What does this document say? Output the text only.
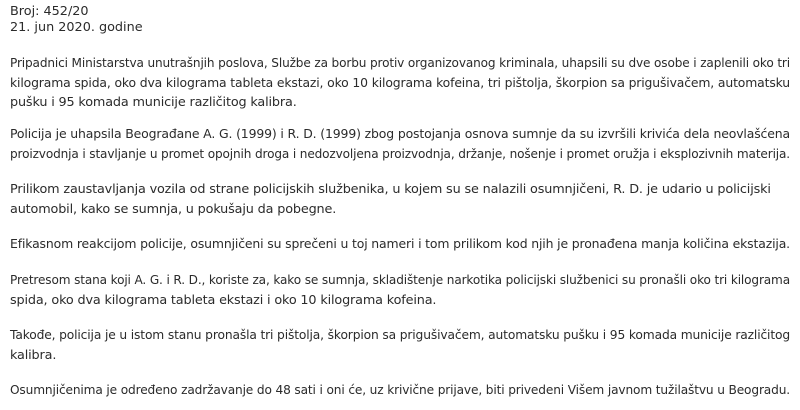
Broj: 452/20

21. jun 2020. godine

Pripadnici Ministarstva unutrašnjih poslova, Službe za borbu protiv organizovanog kriminala, uhapsili su dve osobe i zaplenili oko tri
kilograma spida, oko dva kilograma tableta ekstazi, oko 10 kilograma kofeina, tri pištolja, škorpion sa prigušivačem, automatsku
pušku i 95 komada municije različitog kalibra.

Policija je uhapsila Beograđane A. G. (1999) i R. D. (1999) zbog postojanja osnova sumnje da su izvršili krivića dela neovlašćena
proizvodnja i stavljanje u promet opojnih droga i nedozvoljena proizvodnja, držanje, nošenje i promet oružja i eksplozivnih materija.

Prilikom zaustavljanja vozila od strane policijskih službenika, u kojem su se nalazili osumnjičeni, R. D. je udario u policijski
automobil, kako se sumnja, u pokušaju da pobegne.

Efikasnom reakcijom policije, osumnjičeni su sprečeni u toj nameri i tom prilikom kod njih je pronađena manja količina ekstazija.

Pretresom stana koji A. G. i R. D., koriste za, kako se sumnja, skladištenje narkotika policijski službenici su pronašli oko tri kilograma
spida, oko dva kilograma tableta ekstazi i oko 10 kilograma kofeina.

Takođe, policija je u istom stanu pronašla tri pištolja, škorpion sa prigušivačem, automatsku pušku i 95 komada municije različitog
kalibra.

Osumnjičenima je određeno zadržavanje do 48 sati i oni će, uz krivične prijave, biti privedeni Višem javnom tužilaštvu u Beogradu.
